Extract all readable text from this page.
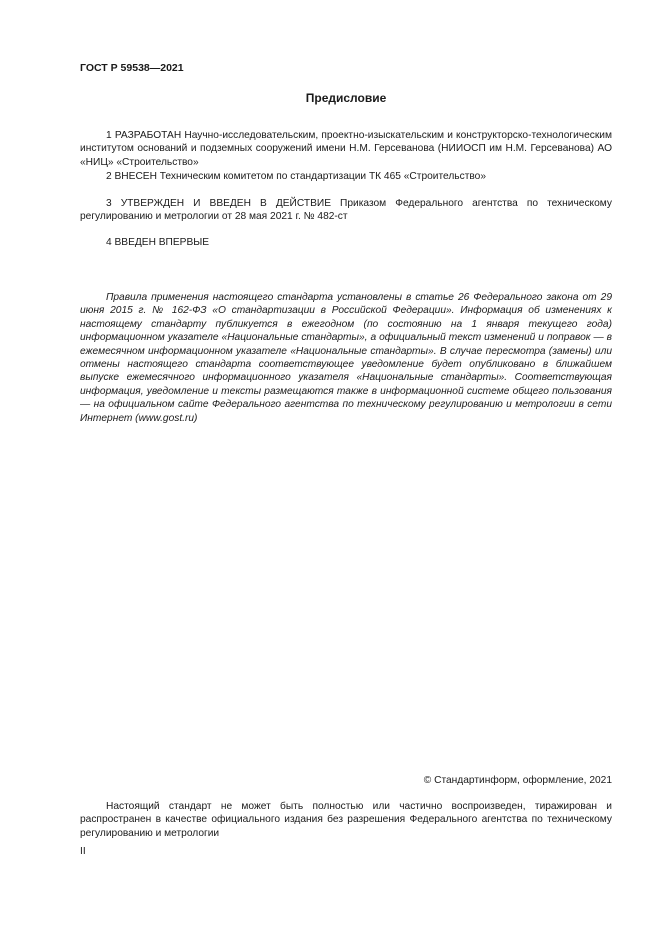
ГОСТ Р 59538—2021
Предисловие

1 РАЗРАБОТАН Научно-исследовательским, проектно-изыскательским и конструкторско-технологическим институтом оснований и подземных сооружений имени Н.М. Герсеванова (НИИОСП им Н.М. Герсеванова) АО «НИЦ» «Строительство»

2 ВНЕСЕН Техническим комитетом по стандартизации ТК 465 «Строительство»

3 УТВЕРЖДЕН И ВВЕДЕН В ДЕЙСТВИЕ Приказом Федерального агентства по техническому регулированию и метрологии от 28 мая 2021 г. № 482-ст

4 ВВЕДЕН ВПЕРВЫЕ

Правила применения настоящего стандарта установлены в статье 26 Федерального закона от 29 июня 2015 г. № 162-ФЗ «О стандартизации в Российской Федерации». Информация об изменениях к настоящему стандарту публикуется в ежегодном (по состоянию на 1 января текущего года) информационном указателе «Национальные стандарты», а официальный текст изменений и поправок — в ежемесячном информационном указателе «Национальные стандарты». В случае пересмотра (замены) или отмены настоящего стандарта соответствующее уведомление будет опубликовано в ближайшем выпуске ежемесячного информационного указателя «Национальные стандарты». Соответствующая информация, уведомление и тексты размещаются также в информационной системе общего пользования — на официальном сайте Федерального агентства по техническому регулированию и метрологии в сети Интернет (www.gost.ru)

© Стандартинформ, оформление, 2021

Настоящий стандарт не может быть полностью или частично воспроизведен, тиражирован и распространен в качестве официального издания без разрешения Федерального агентства по техническому регулированию и метрологии

II
